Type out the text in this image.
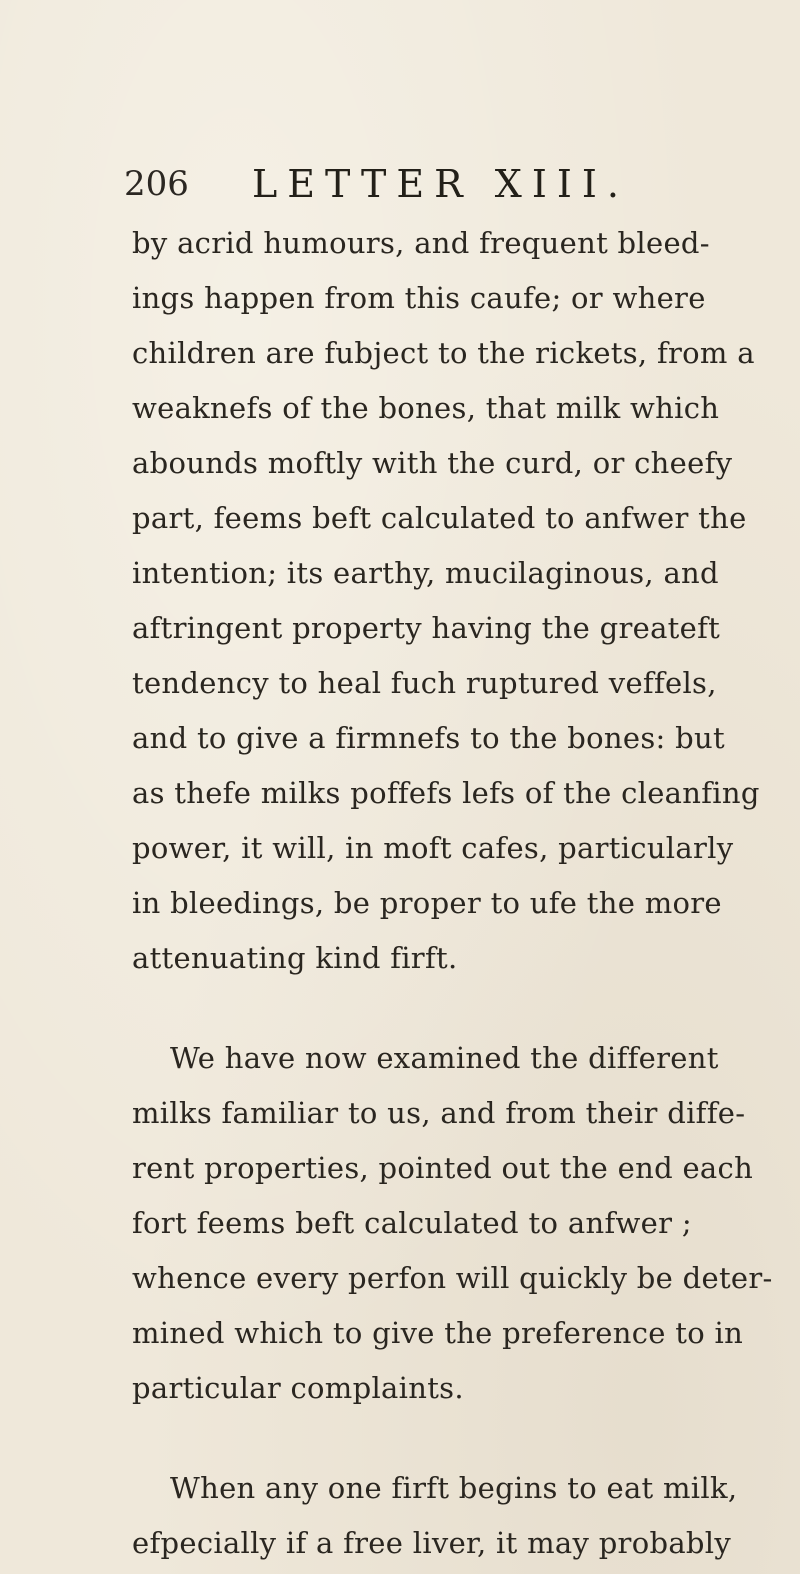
206 LETTER XIII.
by acrid humours, and frequent bleed-
ings happen from this caufe; or where
children are fubject to the rickets, from a
weaknefs of the bones, that milk which
abounds moftly with the curd, or cheefy
part, feems beft calculated to anfwer the
intention; its earthy, mucilaginous, and
aftringent property having the greateft
tendency to heal fuch ruptured veffels,
and to give a firmnefs to the bones: but
as thefe milks poffefs lefs of the cleanfing
power, it will, in moft cafes, particularly
in bleedings, be proper to ufe the more
attenuating kind firft.
We have now examined the different
milks familiar to us, and from their diffe-
rent properties, pointed out the end each
fort feems beft calculated to anfwer ;
whence every perfon will quickly be deter-
mined which to give the preference to in
particular complaints.
When any one firft begins to eat milk,
efpecially if a free liver, it may probably
